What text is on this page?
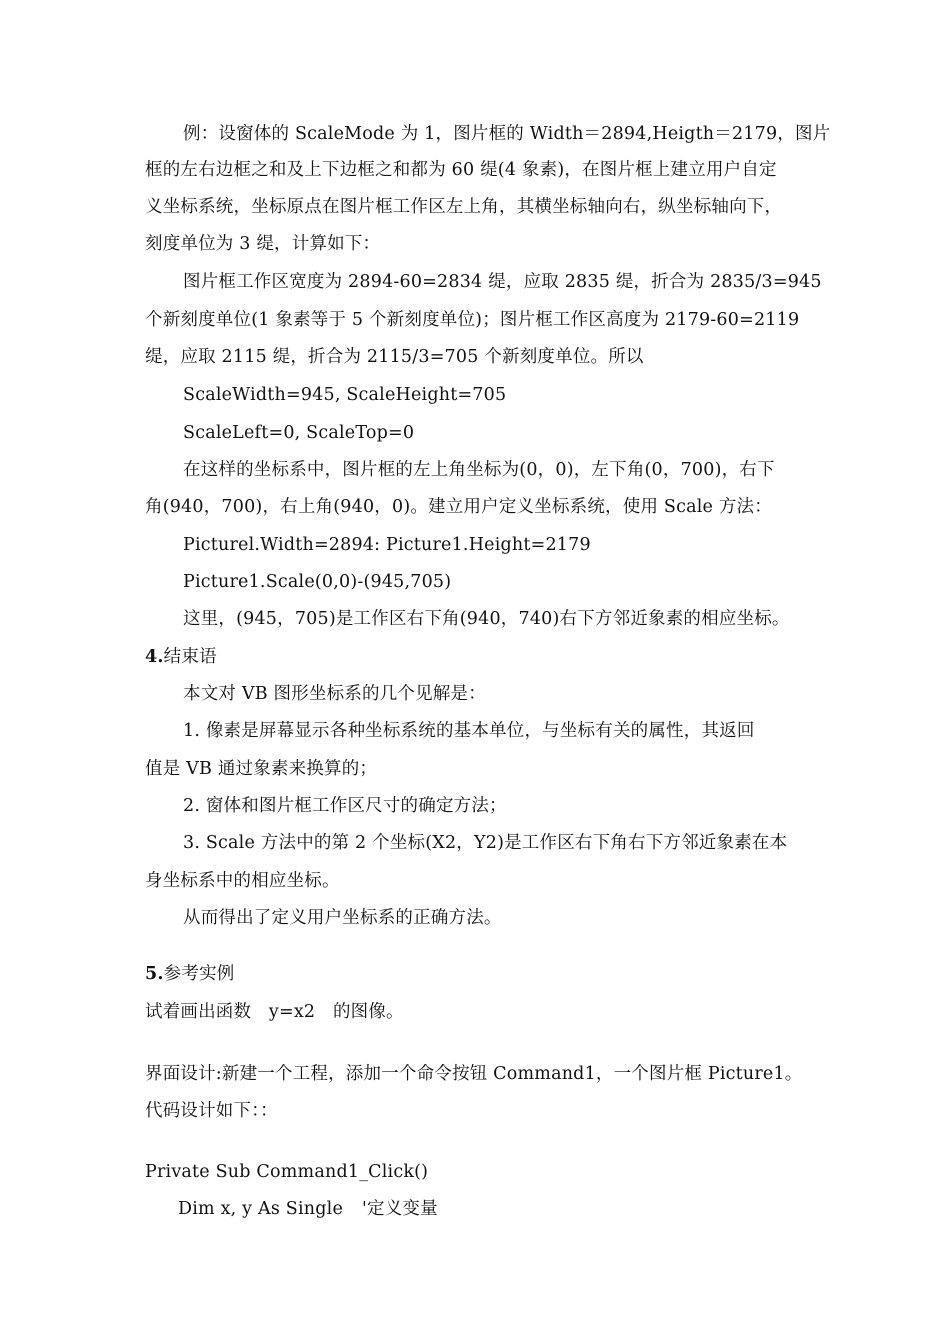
例：设窗体的 ScaleMode 为 1，图片框的 Width＝2894,Heigth＝2179，图片
框的左右边框之和及上下边框之和都为 60 缇(4 象素)，在图片框上建立用户自定
义坐标系统，坐标原点在图片框工作区左上角，其横坐标轴向右，纵坐标轴向下，
刻度单位为 3 缇，计算如下：
图片框工作区宽度为 2894-60=2834 缇，应取 2835 缇，折合为 2835/3=945
个新刻度单位(1 象素等于 5 个新刻度单位)；图片框工作区高度为 2179-60=2119
缇，应取 2115 缇，折合为 2115/3=705 个新刻度单位。所以
ScaleWidth=945, ScaleHeight=705
ScaleLeft=0, ScaleTop=0
在这样的坐标系中，图片框的左上角坐标为(0，0)，左下角(0，700)，右下
角(940，700)，右上角(940，0)。建立用户定义坐标系统，使用 Scale 方法：
Picturel.Width=2894: Picture1.Height=2179
Picture1.Scale(0,0)-(945,705)
这里，(945，705)是工作区右下角(940，740)右下方邻近象素的相应坐标。
4.结束语
本文对 VB 图形坐标系的几个见解是：
1. 像素是屏幕显示各种坐标系统的基本单位，与坐标有关的属性，其返回
值是 VB 通过象素来换算的；
2. 窗体和图片框工作区尺寸的确定方法；
3. Scale 方法中的第 2 个坐标(X2，Y2)是工作区右下角右下方邻近象素在本
身坐标系中的相应坐标。
从而得出了定义用户坐标系的正确方法。
5.参考实例
试着画出函数　y=x2　的图像。
界面设计:新建一个工程，添加一个命令按钮 Command1，一个图片框 Picture1。
代码设计如下：：
Private Sub Command1_Click()
Dim x, y As Single '定义变量
